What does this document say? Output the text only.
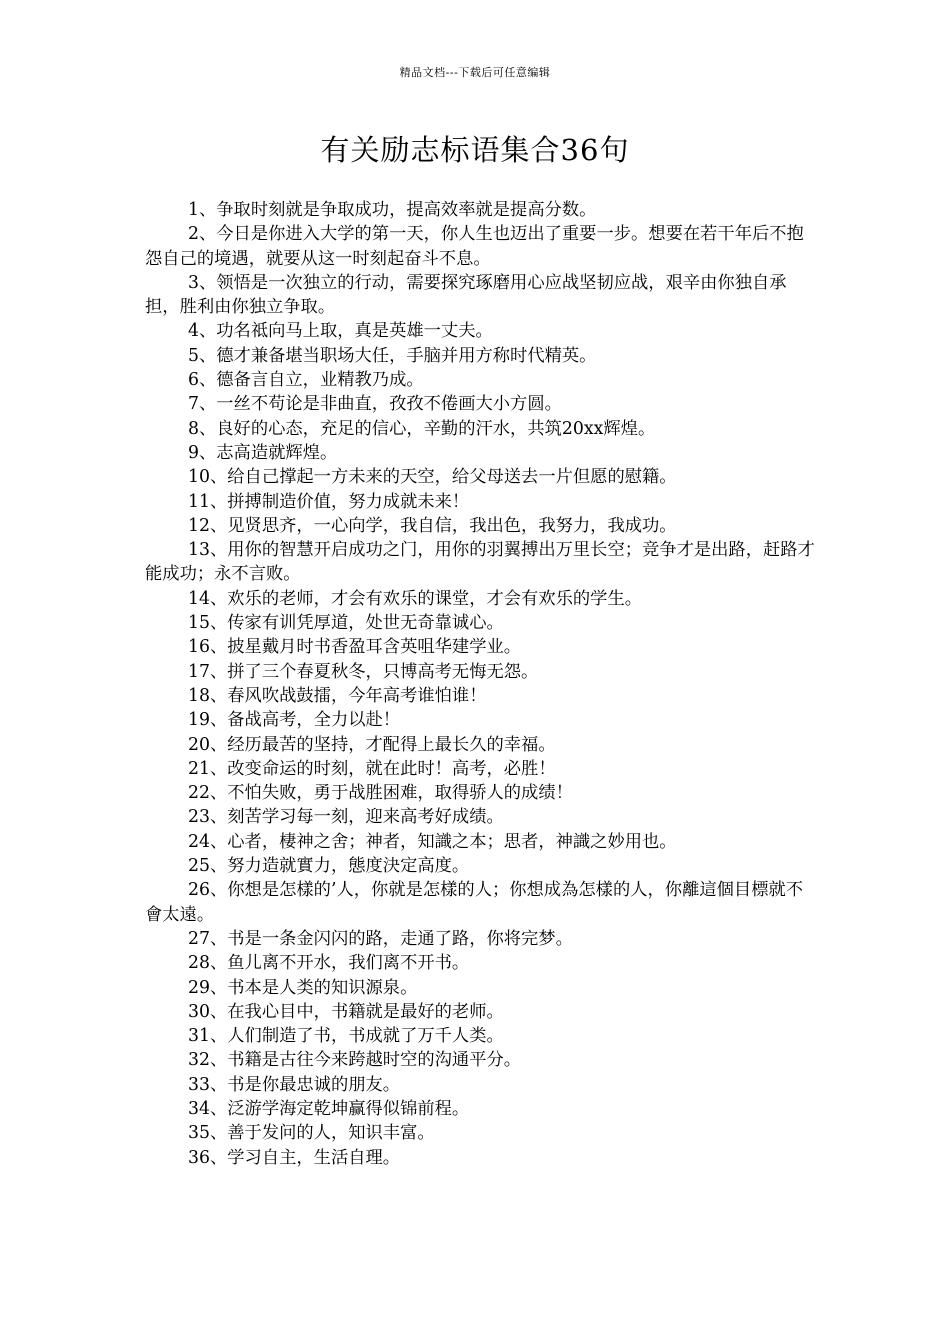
精品文档---下载后可任意编辑
有关励志标语集合36句

1、争取时刻就是争取成功，提高效率就是提高分数。

2、今日是你进入大学的第一天，你人生也迈出了重要一步。想要在若干年后不抱怨自己的境遇，就要从这一时刻起奋斗不息。

3、领悟是一次独立的行动，需要探究琢磨用心应战坚韧应战，艰辛由你独自承担，胜利由你独立争取。

4、功名祗向马上取，真是英雄一丈夫。

5、德才兼备堪当职场大任，手脑并用方称时代精英。

6、德备言自立，业精教乃成。

7、一丝不苟论是非曲直，孜孜不倦画大小方圆。

8、良好的心态，充足的信心，辛勤的汗水，共筑20xx辉煌。

9、志高造就辉煌。

10、给自己撑起一方未来的天空，给父母送去一片但愿的慰籍。

11、拼搏制造价值，努力成就未来！

12、见贤思齐，一心向学，我自信，我出色，我努力，我成功。

13、用你的智慧开启成功之门，用你的羽翼搏出万里长空；竞争才是出路，赶路才能成功；永不言败。

14、欢乐的老师，才会有欢乐的课堂，才会有欢乐的学生。

15、传家有训凭厚道，处世无奇靠诚心。

16、披星戴月时书香盈耳含英咀华建学业。

17、拼了三个春夏秋冬，只博高考无悔无怨。

18、春风吹战鼓擂，今年高考谁怕谁！

19、备战高考，全力以赴！

20、经历最苦的坚持，才配得上最长久的幸福。

21、改变命运的时刻，就在此时！高考，必胜！

22、不怕失败，勇于战胜困难，取得骄人的成绩！

23、刻苦学习每一刻，迎来高考好成绩。

24、心者，棲神之舍；神者，知識之本；思者，神識之妙用也。

25、努力造就實力，態度決定高度。

26、你想是怎樣的’人，你就是怎樣的人；你想成為怎樣的人，你離這個目標就不會太遠。

27、书是一条金闪闪的路，走通了路，你将完梦。

28、鱼儿离不开水，我们离不开书。

29、书本是人类的知识源泉。

30、在我心目中，书籍就是最好的老师。

31、人们制造了书，书成就了万千人类。

32、书籍是古往今来跨越时空的沟通平分。

33、书是你最忠诚的朋友。

34、泛游学海定乾坤赢得似锦前程。

35、善于发问的人，知识丰富。

36、学习自主，生活自理。
